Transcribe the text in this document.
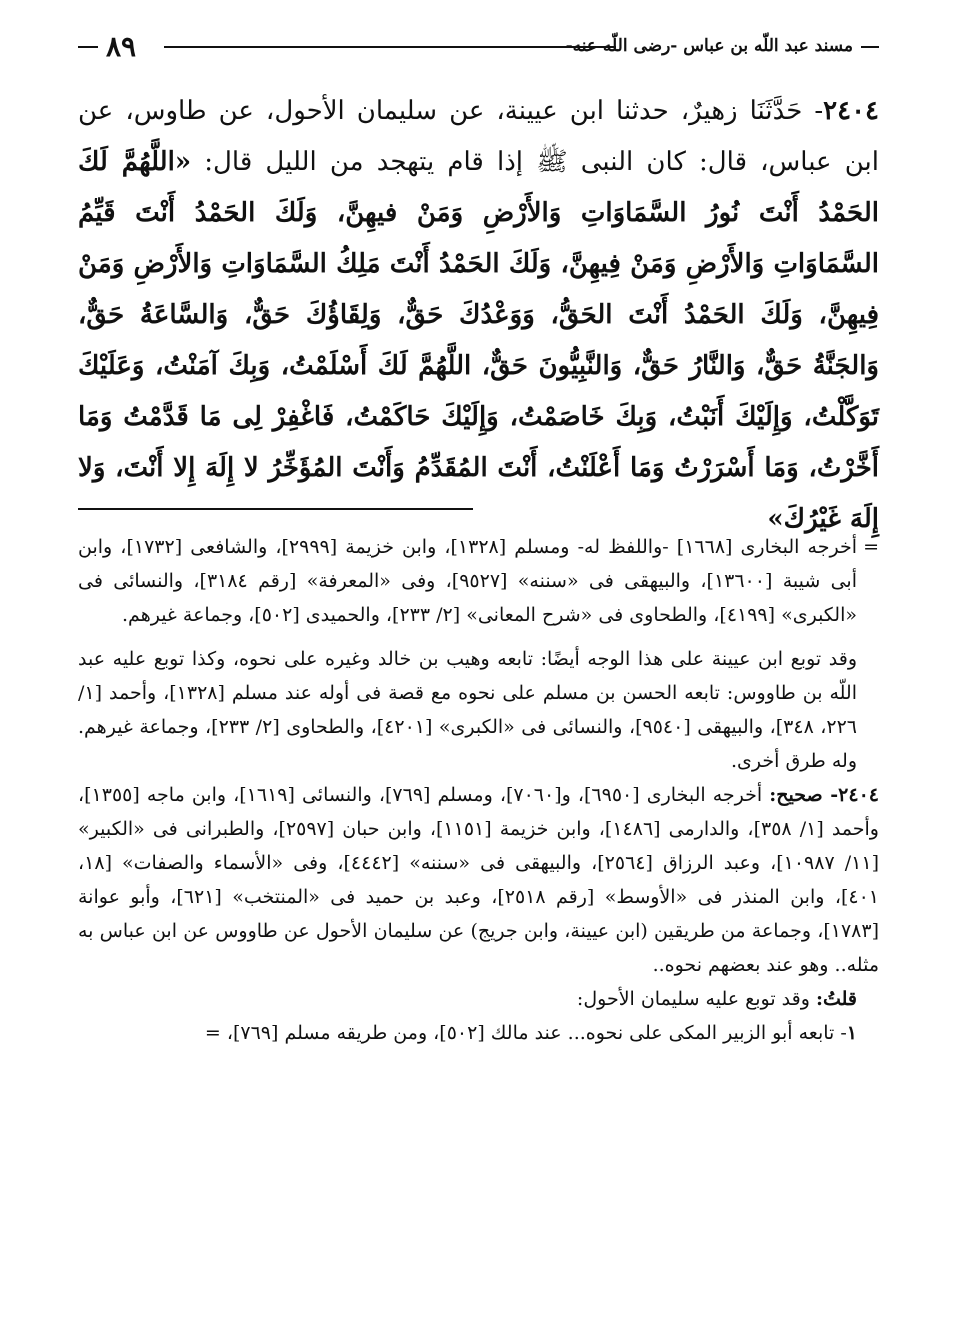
٨٩	مسند عبد اللّه بن عباس -رضى اللّه عنه-
٢٤٠٤- حَدَّثَنَا زهيرٌ، حدثنا ابن عيينة، عن سليمان الأحول، عن طاوس، عن ابن عباس، قال: كان النبى ﷺ إذا قام يتهجد من الليل قال: «اللَّهُمَّ لَكَ الحَمْدُ أَنْتَ نُورُ السَّمَاوَاتِ وَالأَرْضِ وَمَنْ فيهِنَّ، وَلَكَ الحَمْدُ أَنْتَ قَيِّمُ السَّمَاوَاتِ وَالأَرْضِ وَمَنْ فِيهِنَّ، وَلَكَ الحَمْدُ أَنْتَ مَلِكُ السَّمَاوَاتِ وَالأَرْضِ وَمَنْ فِيهِنَّ، وَلَكَ الحَمْدُ أَنْتَ الحَقُّ، وَوَعْدُكَ حَقٌّ، وَلِقَاؤُكَ حَقٌّ، وَالسَّاعَةُ حَقٌّ، وَالجَنَّةُ حَقٌّ، وَالنَّارُ حَقٌّ، وَالنَّبِيُّونَ حَقٌّ، اللَّهُمَّ لَكَ أَسْلَمْتُ، وَبِكَ آمَنْتُ، وَعَلَيْكَ تَوَكَّلْتُ، وَإِلَيْكَ أَنَبْتُ، وَبِكَ خَاصَمْتُ، وَإِلَيْكَ حَاكَمْتُ، فَاغْفِرْ لِى مَا قَدَّمْتُ وَمَا أَخَّرْتُ، وَمَا أَسْرَرْتُ وَمَا أَعْلَنْتُ، أَنْتَ المُقَدِّمُ وَأَنْتَ المُؤَخِّرُ لا إِلَهَ إِلا أَنْتَ، وَلا إِلَهَ غَيْرُكَ»

=أخرجه البخارى [١٦٦٨] -واللفظ له- ومسلم [١٣٢٨]، وابن خزيمة [٢٩٩٩]، والشافعى [١٧٣٢]، وابن أبى شيبة [١٣٦٠٠]، والبيهقى فى «سننه» [٩٥٢٧]، وفى «المعرفة» [رقم ٣١٨٤]، والنسائى فى «الكبرى» [٤١٩٩]، والطحاوى فى «شرح المعانى» [٢/ ٢٣٣]، والحميدى [٥٠٢]، وجماعة غيرهم.

وقد توبع ابن عيينة على هذا الوجه أيضًا: تابعه وهيب بن خالد وغيره على نحوه، وكذا توبع عليه عبد اللّه بن طاووس: تابعه الحسن بن مسلم على نحوه مع قصة فى أوله عند مسلم [١٣٢٨]، وأحمد [١/ ٢٢٦، ٣٤٨]، والبيهقى [٩٥٤٠]، والنسائى فى «الكبرى» [٤٢٠١]، والطحاوى [٢/ ٢٣٣]، وجماعة غيرهم. وله طرق أخرى.

٢٤٠٤- صحيح: أخرجه البخارى [٦٩٥٠]، و[٧٠٦٠]، ومسلم [٧٦٩]، والنسائى [١٦١٩]، وابن ماجه [١٣٥٥]، وأحمد [١/ ٣٥٨]، والدارمى [١٤٨٦]، وابن خزيمة [١١٥١]، وابن حبان [٢٥٩٧]، والطبرانى فى «الكبير» [١١/ ١٠٩٨٧]، وعبد الرزاق [٢٥٦٤]، والبيهقى فى «سننه» [٤٤٤٢]، وفى «الأسماء والصفات» [١٨، ٤٠١]، وابن المنذر فى «الأوسط» [رقم ٢٥١٨]، وعبد بن حميد فى «المنتخب» [٦٢١]، وأبو عوانة [١٧٨٣]، وجماعة من طريقين (ابن عيينة، وابن جريج) عن سليمان الأحول عن طاووس عن ابن عباس به مثله.. وهو عند بعضهم نحوه..

قلتُ: وقد توبع عليه سليمان الأحول:

١- تابعه أبو الزبير المكى على نحوه... عند مالك [٥٠٢]، ومن طريقه مسلم [٧٦٩]، =
